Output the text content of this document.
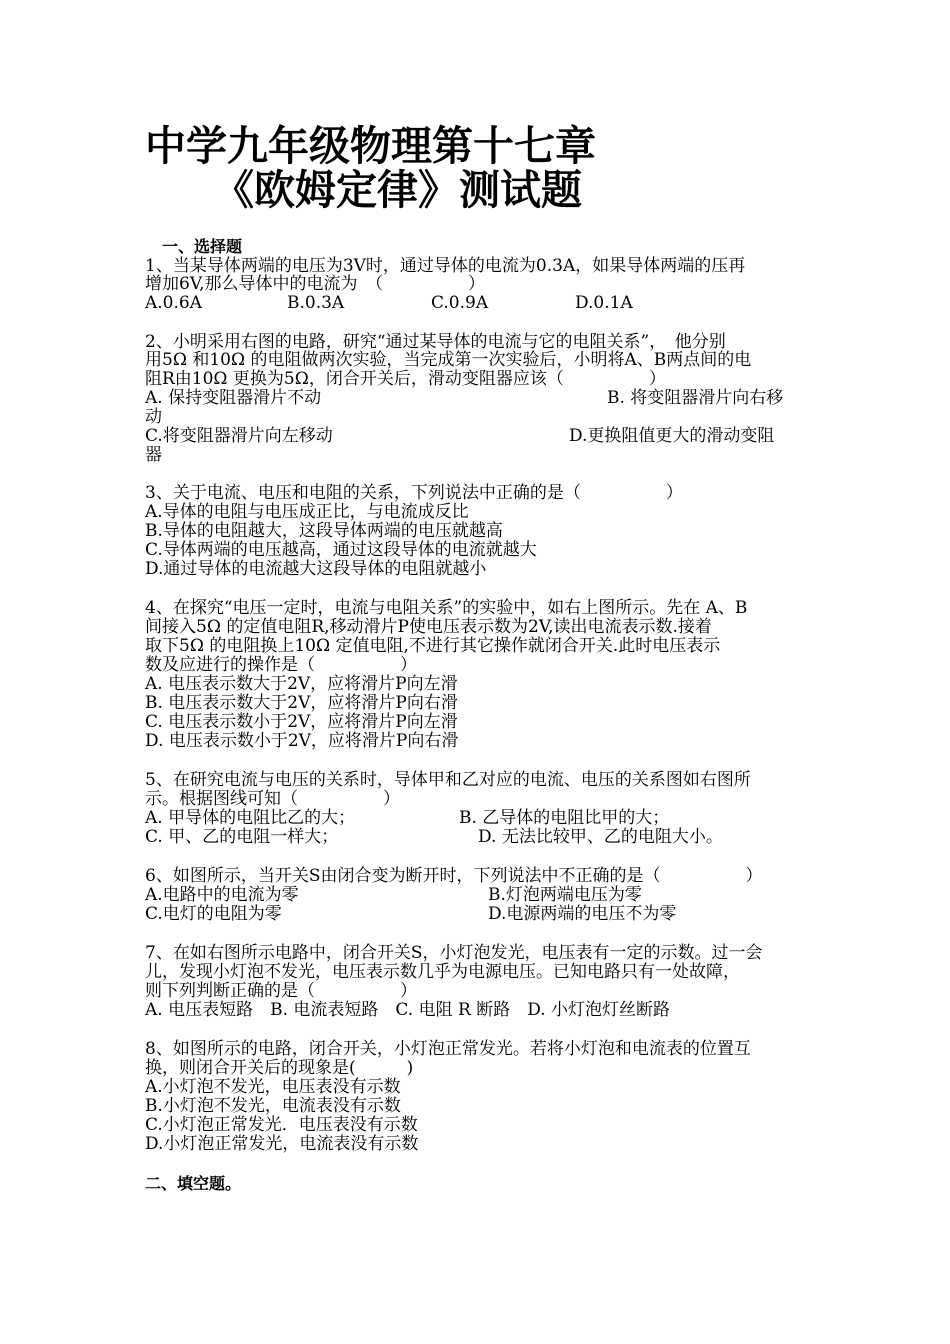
中学九年级物理第十七章
《欧姆定律》测试题
一、选择题
1、当某导体两端的电压为3V时，通过导体的电流为0.3A，如果导体两端的压再
增加6V,那么导体中的电流为　（　　　　　）
A.0.6A	B.0.3A	C.0.9A	D.0.1A
2、小明采用右图的电路，研究“通过某导体的电流与它的电阻关系”，　他分别
用5Ω 和10Ω 的电阻做两次实验，当完成第一次实验后，小明将A、B两点间的电
阻R由10Ω 更换为5Ω，闭合开关后，滑动变阻器应该（　　　　　）
A. 保持变阻器滑片不动	B. 将变阻器滑片向右移
动
C.将变阻器滑片向左移动	D.更换阻值更大的滑动变阻
器
3、关于电流、电压和电阻的关系，下列说法中正确的是（　　　　　）
A.导体的电阻与电压成正比，与电流成反比
B.导体的电阻越大，这段导体两端的电压就越高
C.导体两端的电压越高，通过这段导体的电流就越大
D.通过导体的电流越大这段导体的电阻就越小
4、在探究“电压一定时，电流与电阻关系”的实验中，如右上图所示。先在 A、B
间接入5Ω 的定值电阻R,移动滑片P使电压表示数为2V,读出电流表示数.接着
取下5Ω 的电阻换上10Ω 定值电阻,不进行其它操作就闭合开关.此时电压表示
数及应进行的操作是（　　　　　）
A. 电压表示数大于2V，应将滑片P向左滑
B. 电压表示数大于2V，应将滑片P向右滑
C. 电压表示数小于2V，应将滑片P向左滑
D. 电压表示数小于2V，应将滑片P向右滑
5、在研究电流与电压的关系时，导体甲和乙对应的电流、电压的关系图如右图所
示。根据图线可知（　　　　　）
A. 甲导体的电阻比乙的大；	B. 乙导体的电阻比甲的大；
C. 甲、乙的电阻一样大；	D. 无法比较甲、乙的电阻大小。
6、如图所示，当开关S由闭合变为断开时，下列说法中不正确的是（　　　　　）
A.电路中的电流为零	B.灯泡两端电压为零
C.电灯的电阻为零	D.电源两端的电压不为零
7、在如右图所示电路中，闭合开关S，小灯泡发光，电压表有一定的示数。过一会
儿，发现小灯泡不发光，电压表示数几乎为电源电压。已知电路只有一处故障，
则下列判断正确的是（　　　　　）
A. 电压表短路　B. 电流表短路　C. 电阻 R 断路　D. 小灯泡灯丝断路
8、如图所示的电路，闭合开关，小灯泡正常发光。若将小灯泡和电流表的位置互
换，则闭合开关后的现象是(　　　)
A.小灯泡不发光，电压表没有示数
B.小灯泡不发光，电流表没有示数
C.小灯泡正常发光．电压表没有示数
D.小灯泡正常发光，电流表没有示数
二、填空题。
